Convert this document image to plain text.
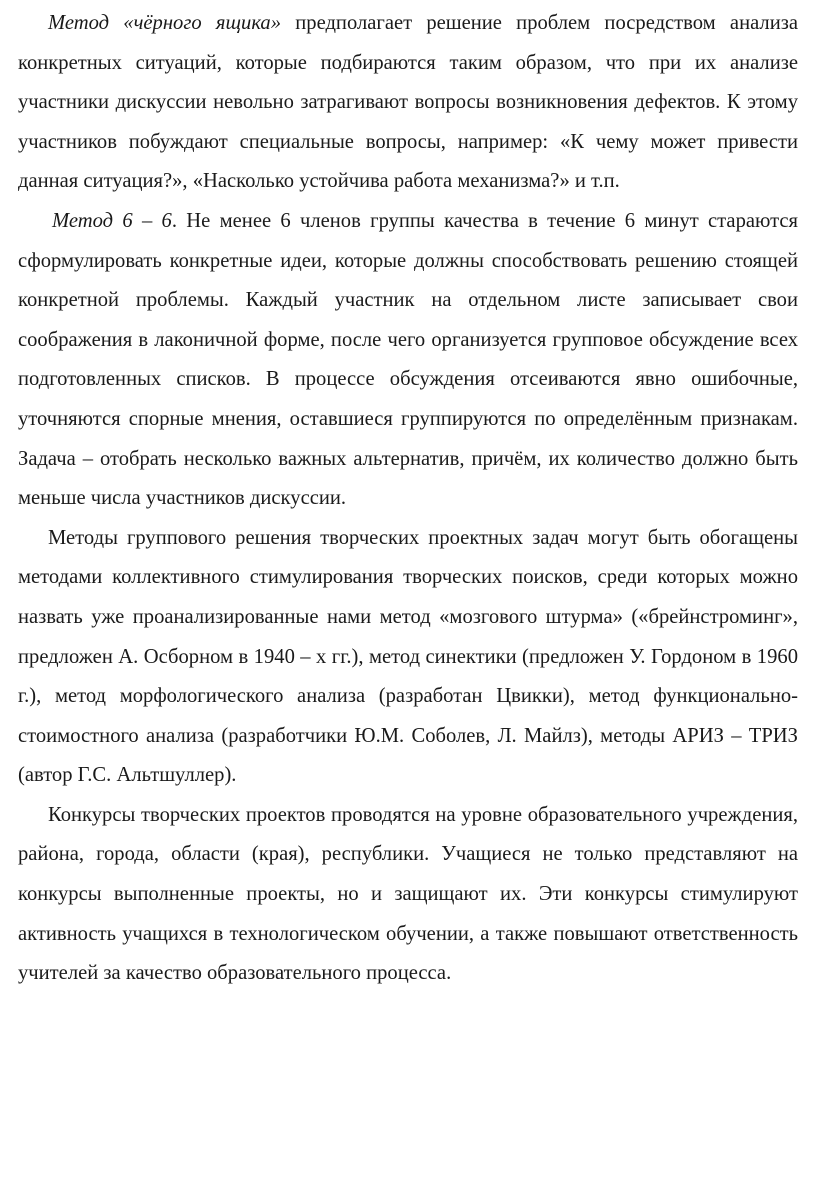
Метод «чёрного ящика» предполагает решение проблем посредством анализа конкретных ситуаций, которые подбираются таким образом, что при их анализе участники дискуссии невольно затрагивают вопросы возникновения дефектов. К этому участников побуждают специальные вопросы, например: «К чему может привести данная ситуация?», «Насколько устойчива работа механизма?» и т.п.

Метод 6 – 6. Не менее 6 членов группы качества в течение 6 минут стараются сформулировать конкретные идеи, которые должны способствовать решению стоящей конкретной проблемы. Каждый участник на отдельном листе записывает свои соображения в лаконичной форме, после чего организуется групповое обсуждение всех подготовленных списков. В процессе обсуждения отсеиваются явно ошибочные, уточняются спорные мнения, оставшиеся группируются по определённым признакам. Задача – отобрать несколько важных альтернатив, причём, их количество должно быть меньше числа участников дискуссии.

Методы группового решения творческих проектных задач могут быть обогащены методами коллективного стимулирования творческих поисков, среди которых можно назвать уже проанализированные нами метод «мозгового штурма» («брейнстроминг», предложен А. Осборном в 1940 – х гг.), метод синектики (предложен У. Гордоном в 1960 г.), метод морфологического анализа (разработан Цвикки), метод функционально-стоимостного анализа (разработчики Ю.М. Соболев, Л. Майлз), методы АРИЗ – ТРИЗ (автор Г.С. Альтшуллер).

Конкурсы творческих проектов проводятся на уровне образовательного учреждения, района, города, области (края), республики. Учащиеся не только представляют на конкурсы выполненные проекты, но и защищают их. Эти конкурсы стимулируют активность учащихся в технологическом обучении, а также повышают ответственность учителей за качество образовательного процесса.
